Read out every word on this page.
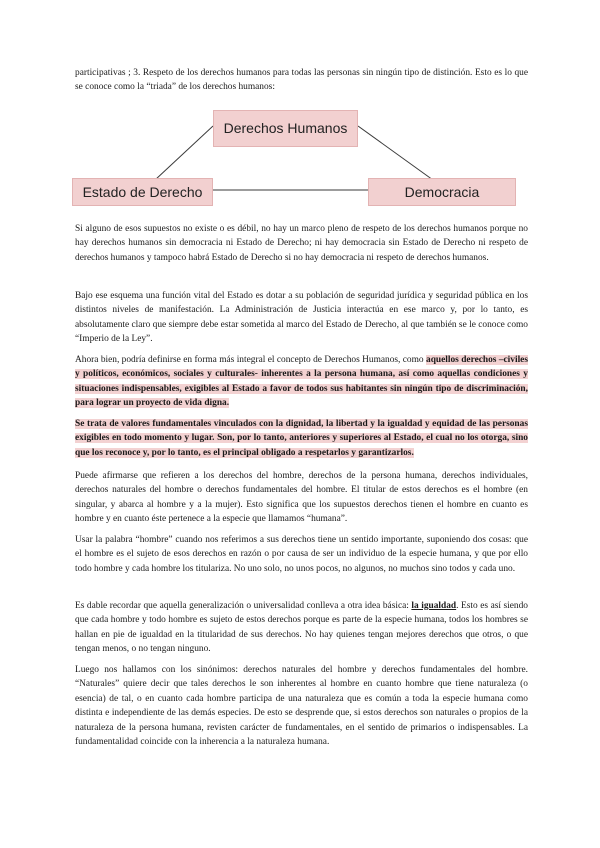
participativas ; 3. Respeto de los derechos humanos para todas las personas sin ningún tipo de distinción. Esto es lo que se conoce como la “triada” de los derechos humanos:

Derechos Humanos
Estado de Derecho	Democracia

Si alguno de esos supuestos no existe o es débil, no hay un marco pleno de respeto de los derechos humanos porque no hay derechos humanos sin democracia ni Estado de Derecho; ni hay democracia sin Estado de Derecho ni respeto de derechos humanos y tampoco habrá Estado de Derecho si no hay democracia ni respeto de derechos humanos.

Bajo ese esquema una función vital del Estado es dotar a su población de seguridad jurídica y seguridad pública en los distintos niveles de manifestación. La Administración de Justicia interactúa en ese marco y, por lo tanto, es absolutamente claro que siempre debe estar sometida al marco del Estado de Derecho, al que también se le conoce como “Imperio de la Ley”.

Ahora bien, podría definirse en forma más integral el concepto de Derechos Humanos, como aquellos derechos –civiles y políticos, económicos, sociales y culturales- inherentes a la persona humana, así como aquellas condiciones y situaciones indispensables, exigibles al Estado a favor de todos sus habitantes sin ningún tipo de discriminación, para lograr un proyecto de vida digna.

Se trata de valores fundamentales vinculados con la dignidad, la libertad y la igualdad y equidad de las personas exigibles en todo momento y lugar. Son, por lo tanto, anteriores y superiores al Estado, el cual no los otorga, sino que los reconoce y, por lo tanto, es el principal obligado a respetarlos y garantizarlos.

Puede afirmarse que refieren a los derechos del hombre, derechos de la persona humana, derechos individuales, derechos naturales del hombre o derechos fundamentales del hombre. El titular de estos derechos es el hombre (en singular, y abarca al hombre y a la mujer). Esto significa que los supuestos derechos tienen el hombre en cuanto es hombre y en cuanto éste pertenece a la especie que llamamos “humana”.

Usar la palabra “hombre” cuando nos referimos a sus derechos tiene un sentido importante, suponiendo dos cosas: que el hombre es el sujeto de esos derechos en razón o por causa de ser un individuo de la especie humana, y que por ello todo hombre y cada hombre los titulariza. No uno solo, no unos pocos, no algunos, no muchos sino todos y cada uno.

Es dable recordar que aquella generalización o universalidad conlleva a otra idea básica: la igualdad. Esto es así siendo que cada hombre y todo hombre es sujeto de estos derechos porque es parte de la especie humana, todos los hombres se hallan en pie de igualdad en la titularidad de sus derechos. No hay quienes tengan mejores derechos que otros, o que tengan menos, o no tengan ninguno.

Luego nos hallamos con los sinónimos: derechos naturales del hombre y derechos fundamentales del hombre. “Naturales” quiere decir que tales derechos le son inherentes al hombre en cuanto hombre que tiene naturaleza (o esencia) de tal, o en cuanto cada hombre participa de una naturaleza que es común a toda la especie humana como distinta e independiente de las demás especies. De esto se desprende que, si estos derechos son naturales o propios de la naturaleza de la persona humana, revisten carácter de fundamentales, en el sentido de primarios o indispensables. La fundamentalidad coincide con la inherencia a la naturaleza humana.
